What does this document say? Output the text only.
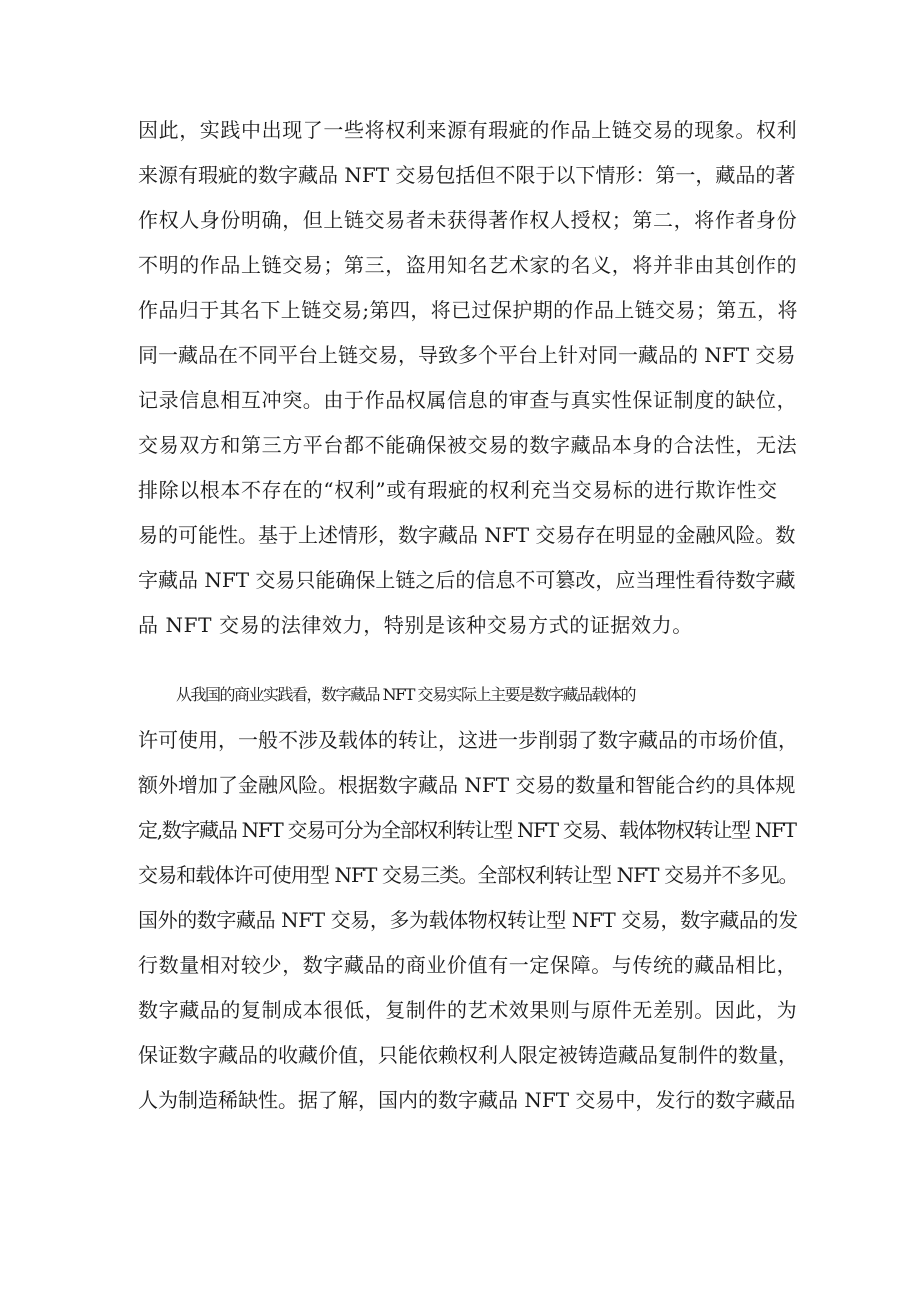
因此，实践中出现了一些将权利来源有瑕疵的作品上链交易的现象。权利
来源有瑕疵的数字藏品 NFT 交易包括但不限于以下情形：第一，藏品的著
作权人身份明确，但上链交易者未获得著作权人授权；第二，将作者身份
不明的作品上链交易；第三，盗用知名艺术家的名义，将并非由其创作的
作品归于其名下上链交易;第四，将已过保护期的作品上链交易；第五，将
同一藏品在不同平台上链交易，导致多个平台上针对同一藏品的 NFT 交易
记录信息相互冲突。由于作品权属信息的审查与真实性保证制度的缺位，
交易双方和第三方平台都不能确保被交易的数字藏品本身的合法性，无法
排除以根本不存在的“权利”或有瑕疵的权利充当交易标的进行欺诈性交
易的可能性。基于上述情形，数字藏品 NFT 交易存在明显的金融风险。数
字藏品 NFT 交易只能确保上链之后的信息不可篡改，应当理性看待数字藏
品 NFT 交易的法律效力，特别是该种交易方式的证据效力。
从我国的商业实践看，数字藏品 NFT 交易实际上主要是数字藏品载体的
许可使用，一般不涉及载体的转让，这进一步削弱了数字藏品的市场价值，
额外增加了金融风险。根据数字藏品 NFT 交易的数量和智能合约的具体规
定,数字藏品 NFT 交易可分为全部权利转让型 NFT 交易、载体物权转让型 NFT
交易和载体许可使用型 NFT 交易三类。全部权利转让型 NFT 交易并不多见。
国外的数字藏品 NFT 交易，多为载体物权转让型 NFT 交易，数字藏品的发
行数量相对较少，数字藏品的商业价值有一定保障。与传统的藏品相比，
数字藏品的复制成本很低，复制件的艺术效果则与原件无差别。因此，为
保证数字藏品的收藏价值，只能依赖权利人限定被铸造藏品复制件的数量，
人为制造稀缺性。据了解，国内的数字藏品 NFT 交易中，发行的数字藏品
